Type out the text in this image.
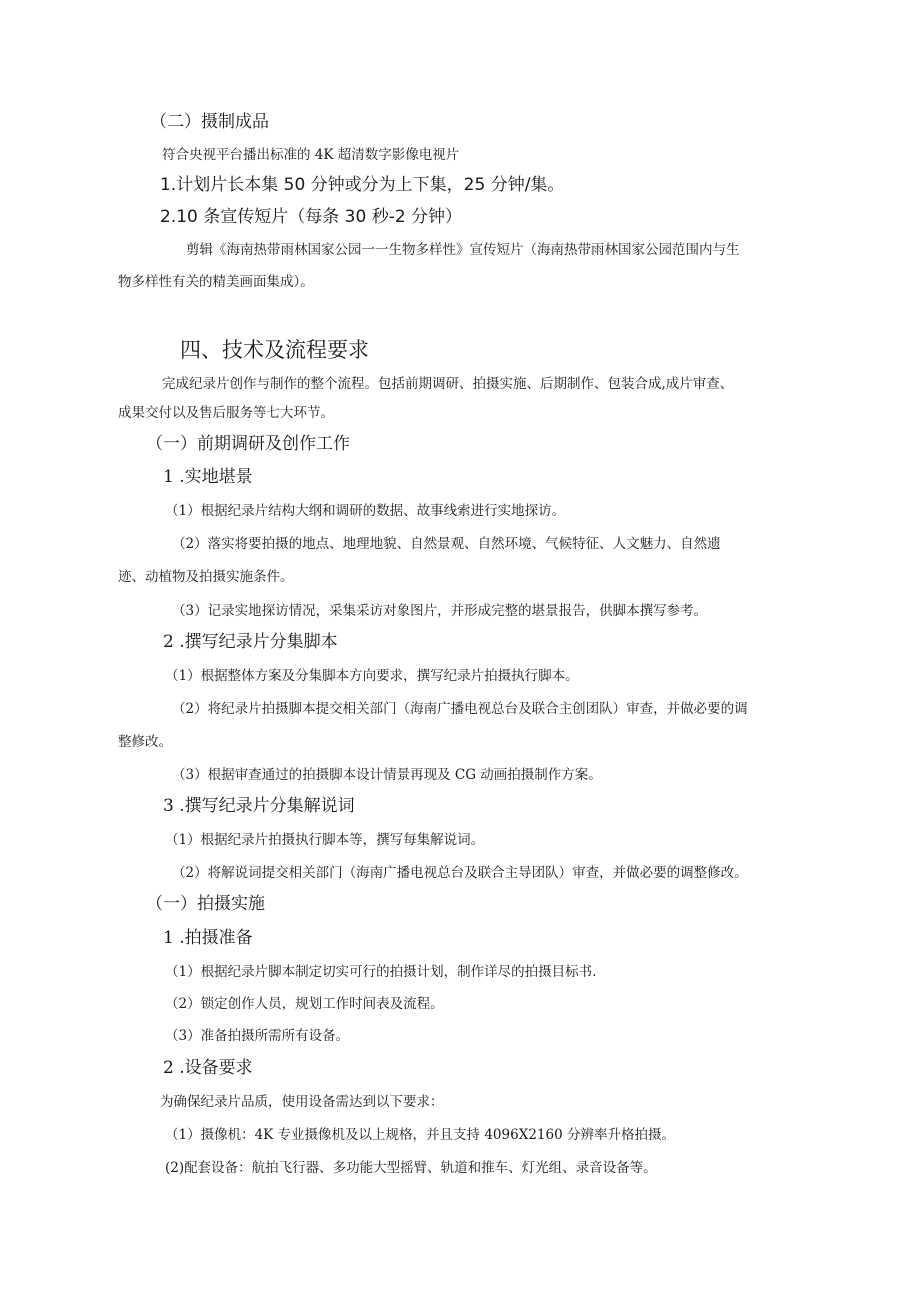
（二）摄制成品
符合央视平台播出标准的 4K 超清数字影像电视片
1.计划片长本集 50 分钟或分为上下集，25 分钟/集。
2.10 条宣传短片（每条 30 秒-2 分钟）
剪辑《海南热带雨林国家公园一一生物多样性》宣传短片（海南热带雨林国家公园范围内与生
物多样性有关的精美画面集成）。
四、技术及流程要求
完成纪录片创作与制作的整个流程。包括前期调研、拍摄实施、后期制作、包装合成,成片审查、
成果交付以及售后服务等七大环节。
（一）前期调研及创作工作
1 .实地堪景
（1）根据纪录片结构大纲和调研的数据、故事线索进行实地探访。
（2）落实将要拍摄的地点、地理地貌、自然景观、自然环境、气候特征、人文魅力、自然遗
迹、动植物及拍摄实施条件。
（3）记录实地探访情况，采集采访对象图片，并形成完整的堪景报告，供脚本撰写参考。
2 .撰写纪录片分集脚本
（1）根据整体方案及分集脚本方向要求，撰写纪录片拍摄执行脚本。
（2）将纪录片拍摄脚本提交相关部门（海南广播电视总台及联合主创团队）审查，并做必要的调
整修改。
（3）根据审查通过的拍摄脚本设计情景再现及 CG 动画拍摄制作方案。
3 .撰写纪录片分集解说词
（1）根据纪录片拍摄执行脚本等，撰写每集解说词。
（2）将解说词提交相关部门（海南广播电视总台及联合主导团队）审查，并做必要的调整修改。
（一）拍摄实施
1 .拍摄准备
（1）根据纪录片脚本制定切实可行的拍摄计划，制作详尽的拍摄目标书.
（2）锁定创作人员，规划工作时间表及流程。
（3）准备拍摄所需所有设备。
2 .设备要求
为确保纪录片品质，使用设备需达到以下要求：
（1）摄像机：4K 专业摄像机及以上规格，并且支持 4096X2160 分辨率升格拍摄。
(2)配套设备：航拍飞行器、多功能大型摇臂、轨道和推车、灯光组、录音设备等。
